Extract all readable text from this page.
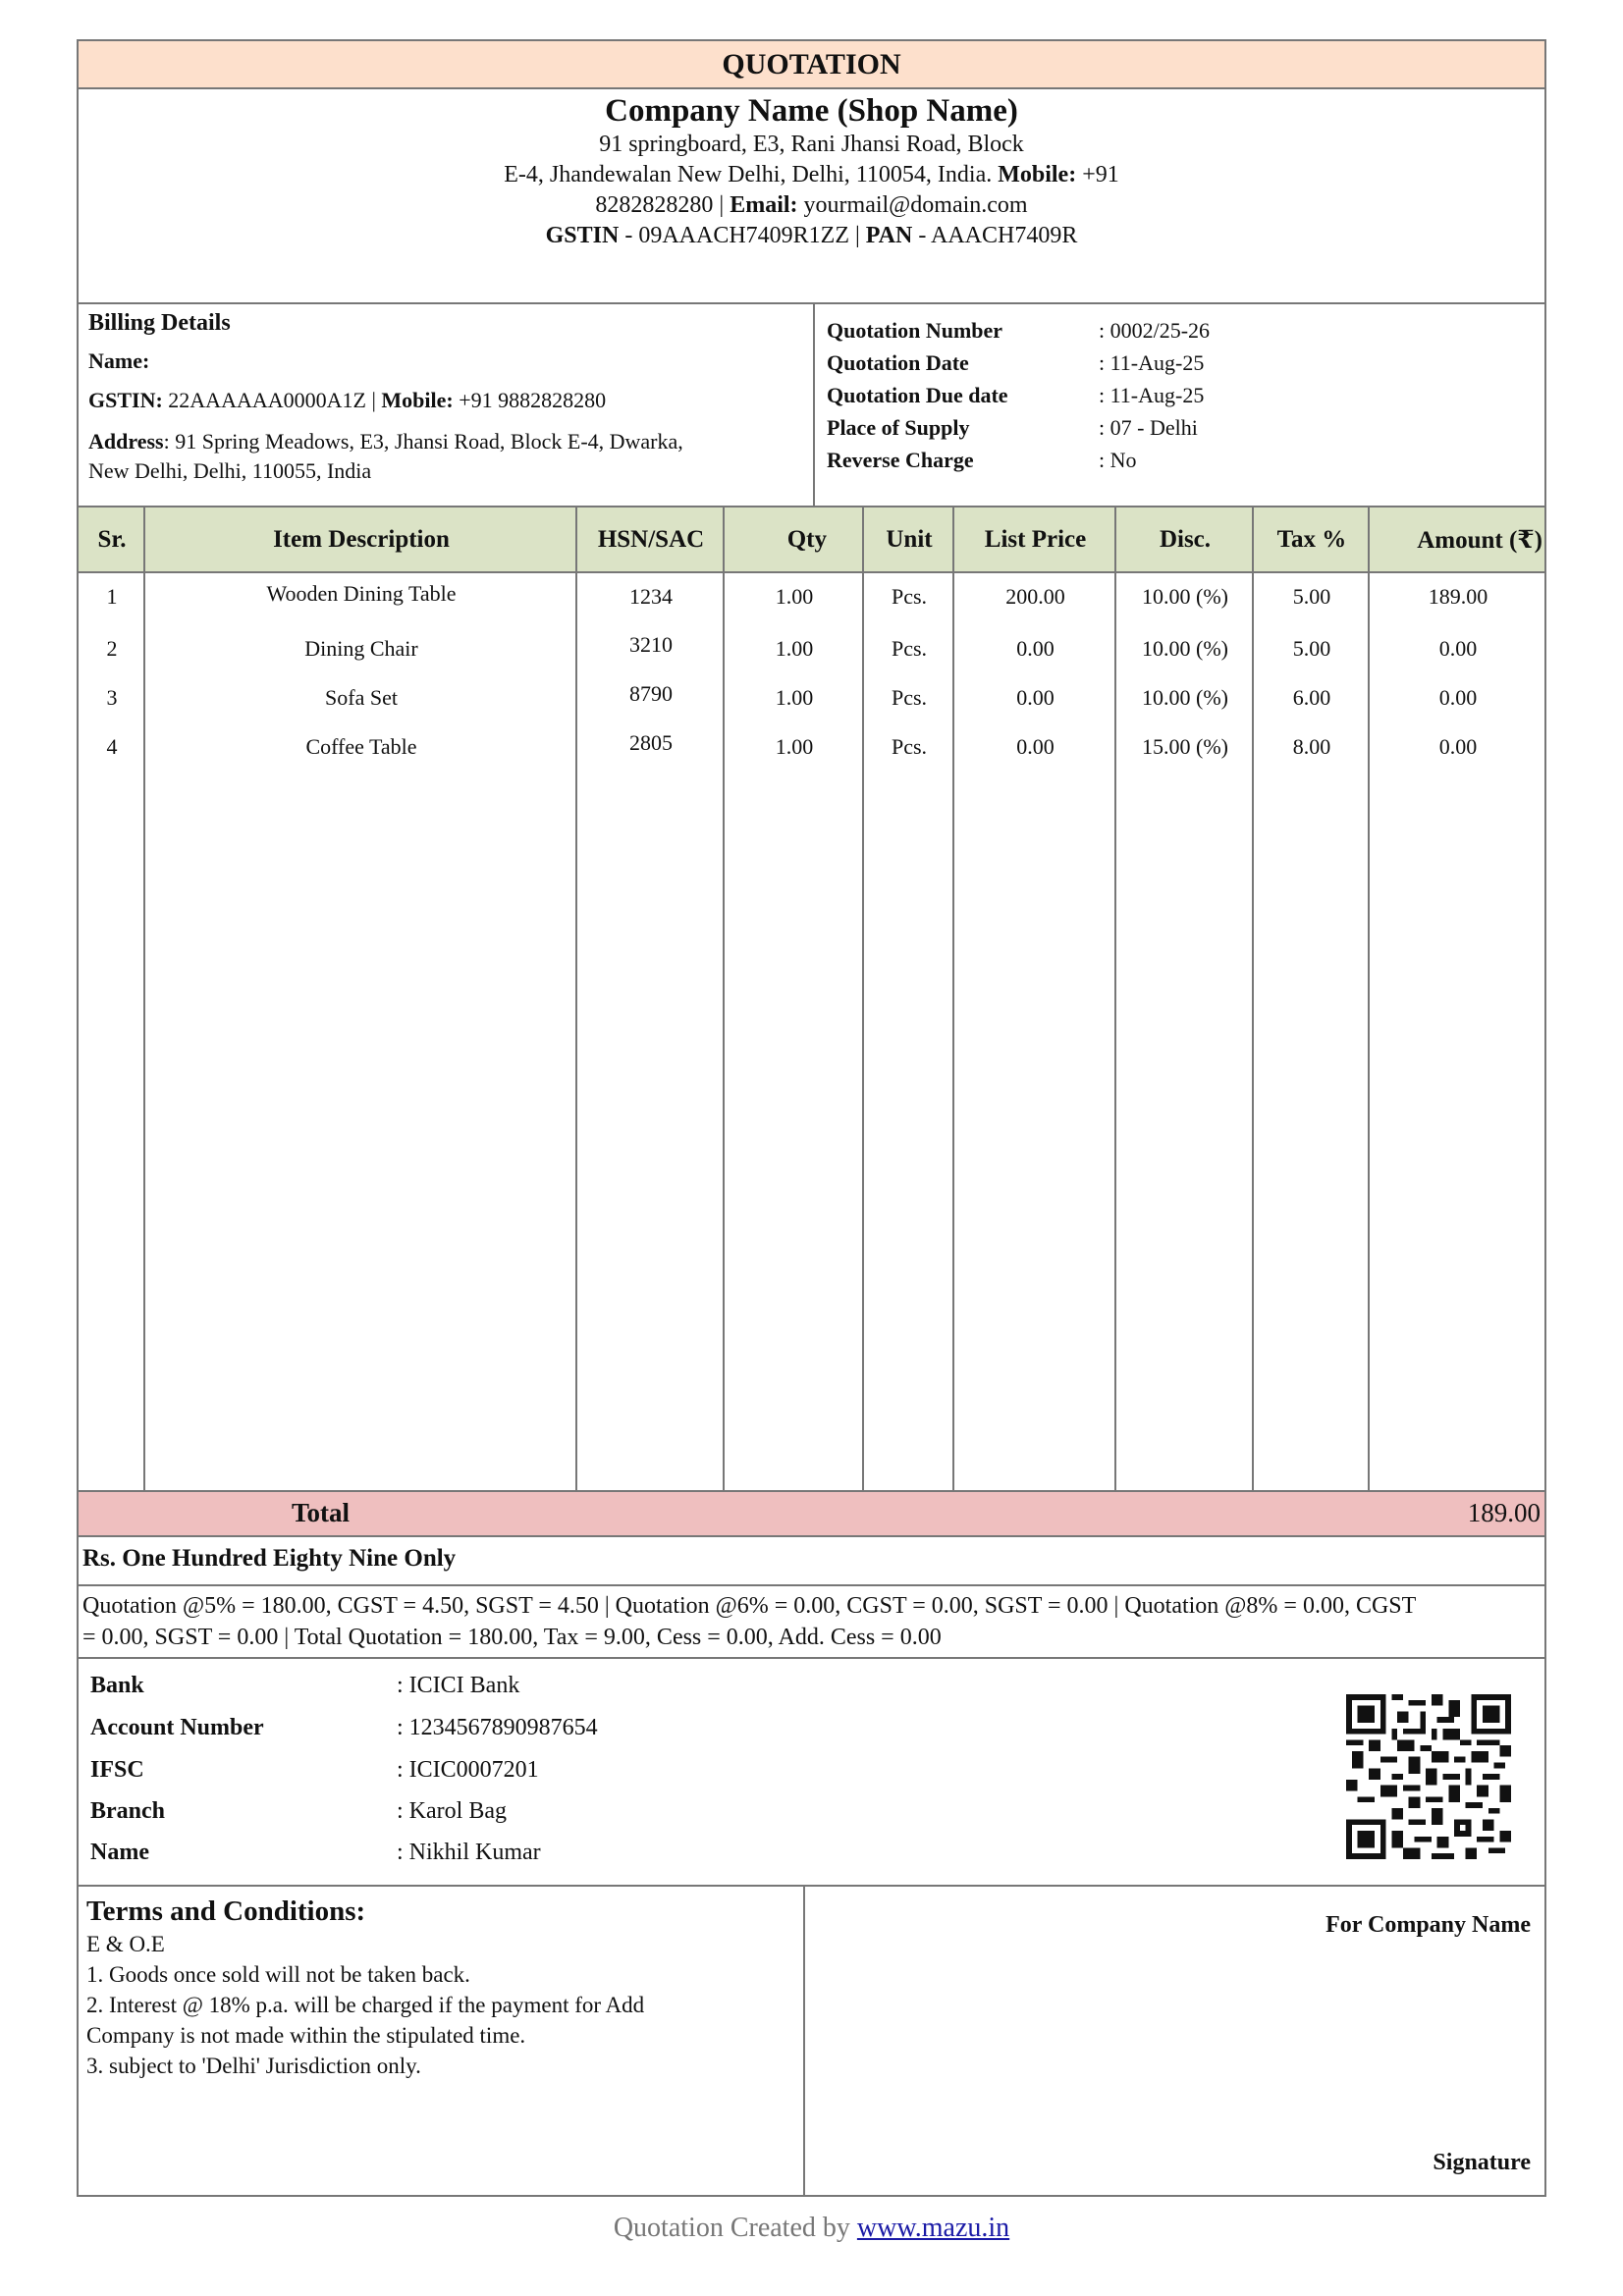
QUOTATION
Company Name (Shop Name)
91 springboard, E3, Rani Jhansi Road, Block
E-4, Jhandewalan New Delhi, Delhi, 110054, India. Mobile: +91
8282828280 | Email: yourmail@domain.com
GSTIN - 09AAACH7409R1ZZ | PAN - AAACH7409R
Billing Details
Name:
GSTIN: 22AAAAAA0000A1Z | Mobile: +91 9882828280
Address: 91 Spring Meadows, E3, Jhansi Road, Block E-4, Dwarka,
New Delhi, Delhi, 110055, India
Quotation Number	: 0002/25-26
Quotation Date	: 11-Aug-25
Quotation Due date	: 11-Aug-25
Place of Supply	: 07 - Delhi
Reverse Charge	: No
Sr.	Item Description	HSN/SAC	Qty	Unit	List Price	Disc.	Tax %	Amount (₹)
1	Wooden Dining Table	1234	1.00	Pcs.	200.00	10.00 (%)	5.00	189.00
2	Dining Chair	3210	1.00	Pcs.	0.00	10.00 (%)	5.00	0.00
3	Sofa Set	8790	1.00	Pcs.	0.00	10.00 (%)	6.00	0.00
4	Coffee Table	2805	1.00	Pcs.	0.00	15.00 (%)	8.00	0.00
Total	189.00
Rs. One Hundred Eighty Nine Only
Quotation @5% = 180.00, CGST = 4.50, SGST = 4.50 | Quotation @6% = 0.00, CGST = 0.00, SGST = 0.00 | Quotation @8% = 0.00, CGST
= 0.00, SGST = 0.00 | Total Quotation = 180.00, Tax = 9.00, Cess = 0.00, Add. Cess = 0.00
Bank	: ICICI Bank
Account Number	: 1234567890987654
IFSC	: ICIC0007201
Branch	: Karol Bag
Name	: Nikhil Kumar
Terms and Conditions:
E & O.E
1. Goods once sold will not be taken back.
2. Interest @ 18% p.a. will be charged if the payment for Add
Company is not made within the stipulated time.
3. subject to 'Delhi' Jurisdiction only.
For Company Name
Signature
Quotation Created by www.mazu.in
